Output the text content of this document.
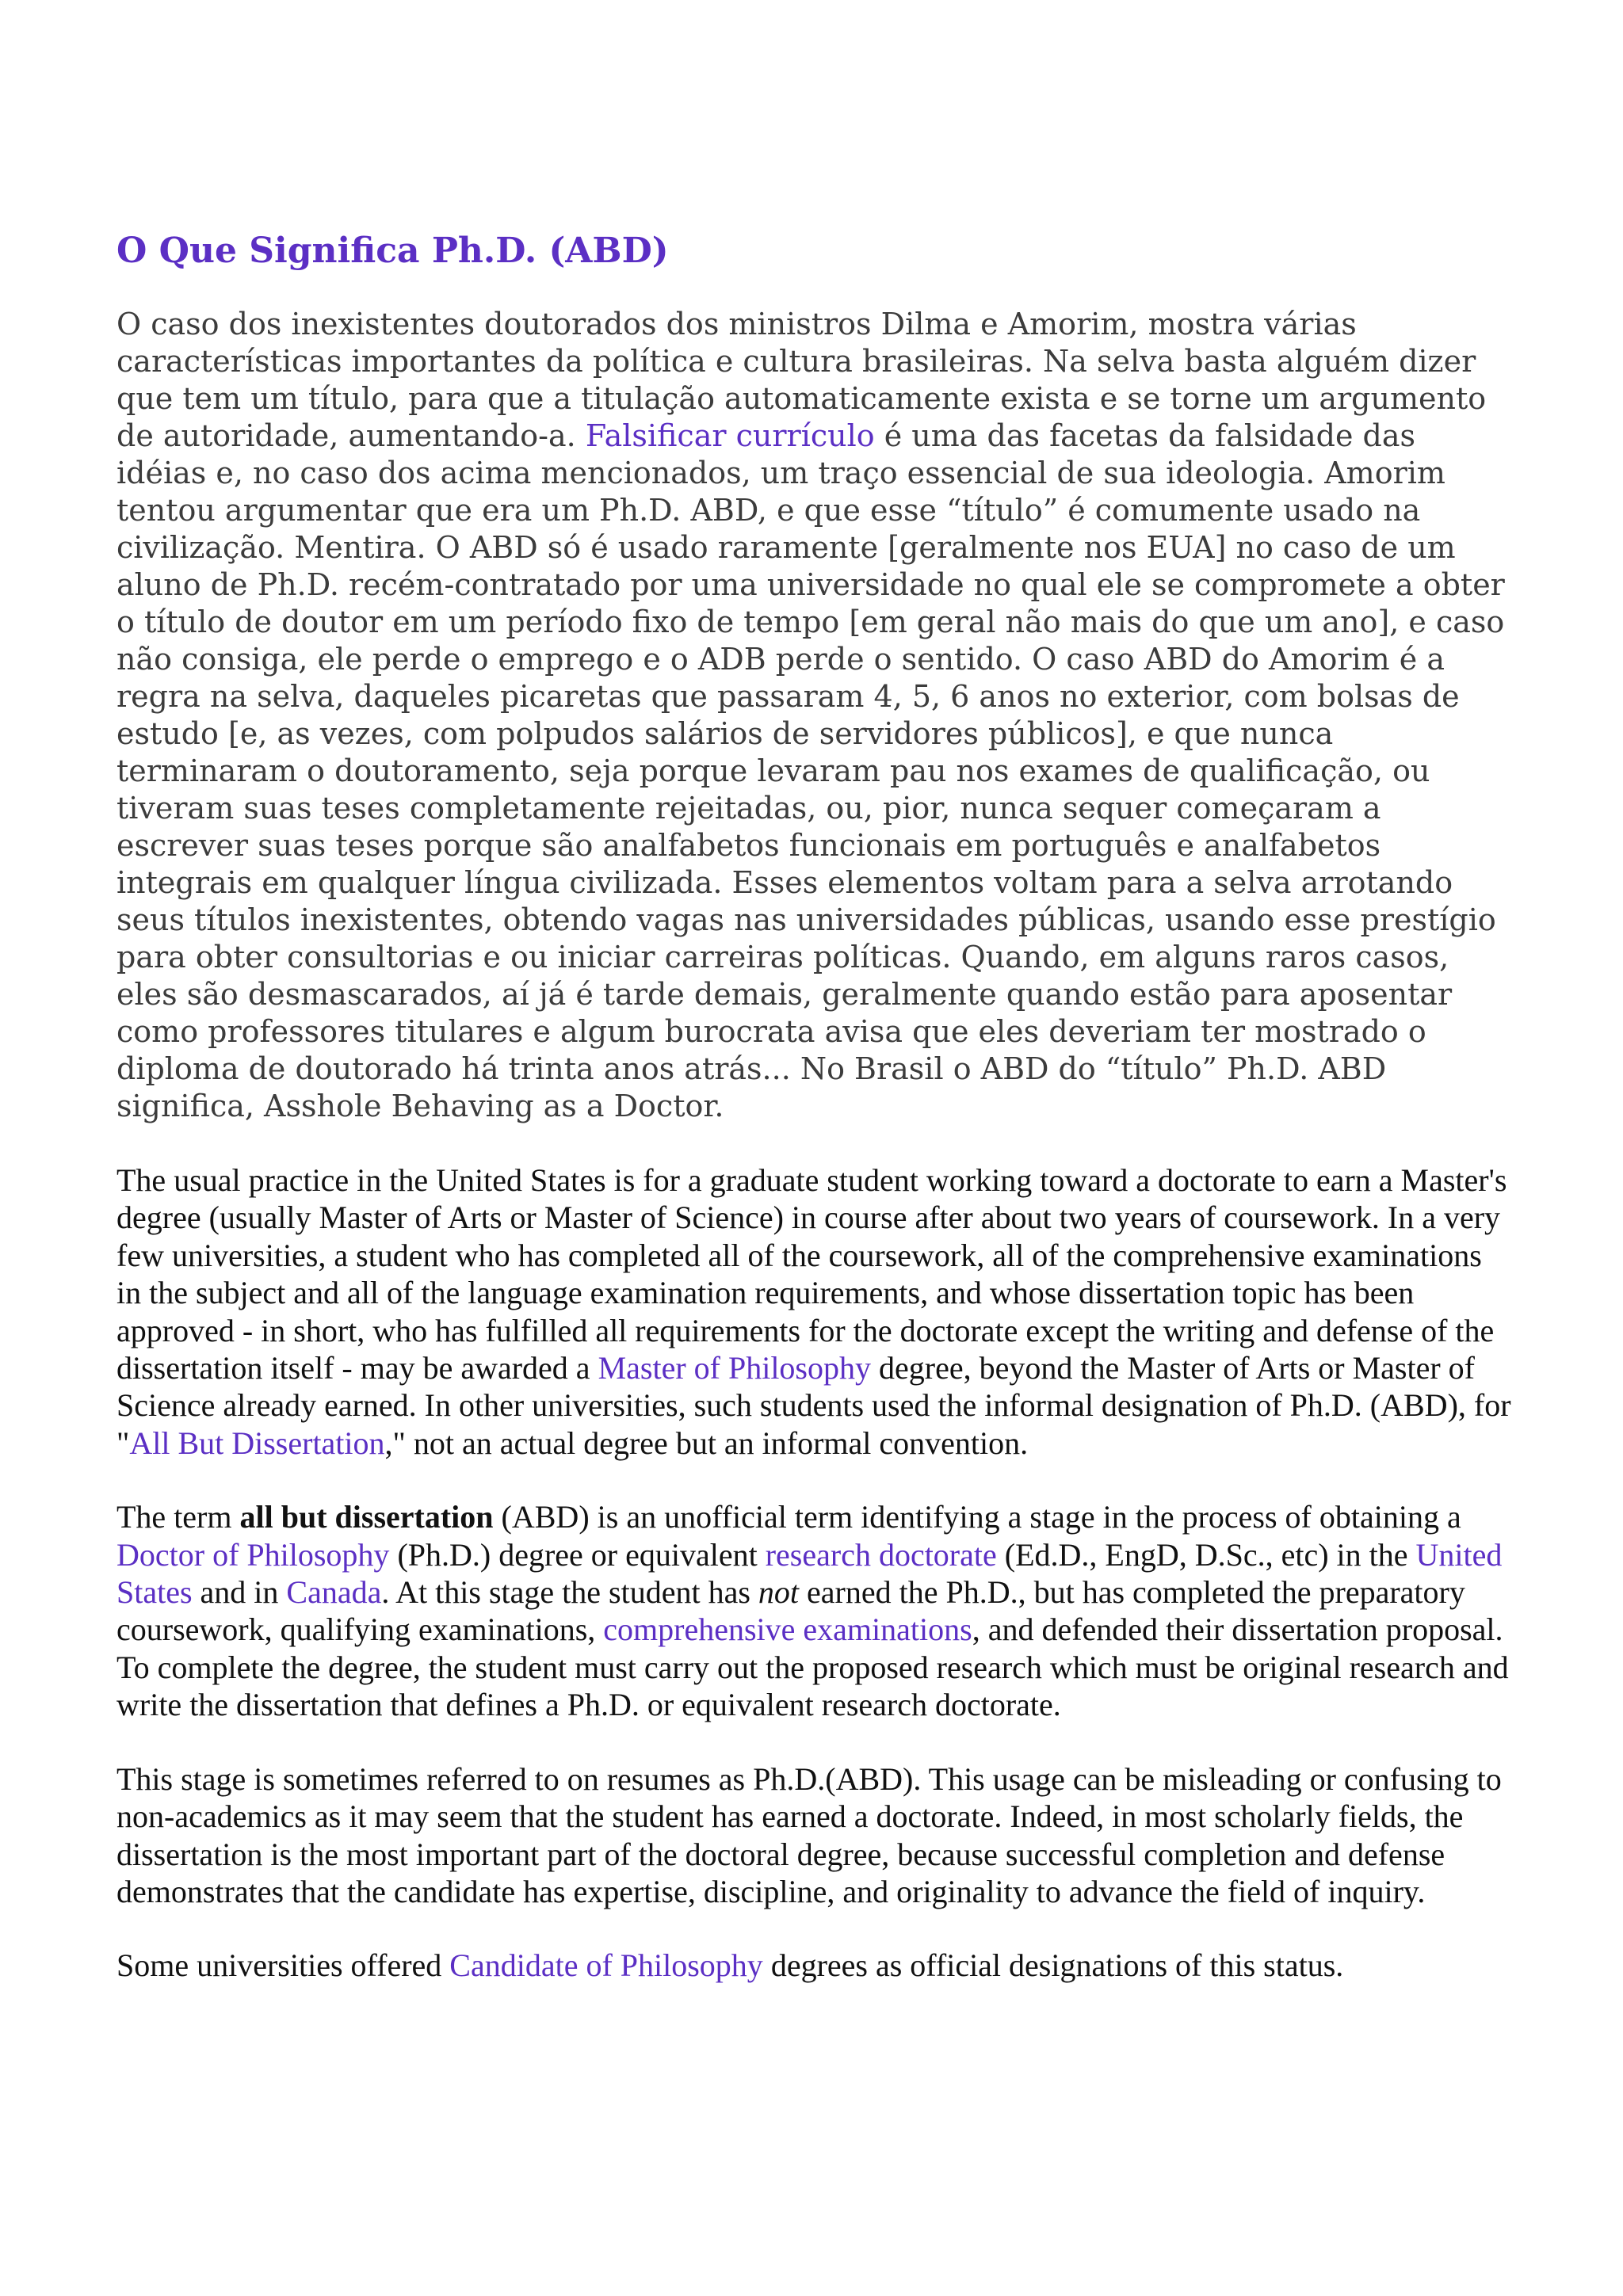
O Que Significa Ph.D. (ABD)

O caso dos inexistentes doutorados dos ministros Dilma e Amorim, mostra várias características importantes da política e cultura brasileiras. Na selva basta alguém dizer que tem um título, para que a titulação automaticamente exista e se torne um argumento de autoridade, aumentando-a. Falsificar currículo é uma das facetas da falsidade das idéias e, no caso dos acima mencionados, um traço essencial de sua ideologia. Amorim tentou argumentar que era um Ph.D. ABD, e que esse “título” é comumente usado na civilização. Mentira. O ABD só é usado raramente [geralmente nos EUA] no caso de um aluno de Ph.D. recém-contratado por uma universidade no qual ele se compromete a obter o título de doutor em um período fixo de tempo [em geral não mais do que um ano], e caso não consiga, ele perde o emprego e o ADB perde o sentido. O caso ABD do Amorim é a regra na selva, daqueles picaretas que passaram 4, 5, 6 anos no exterior, com bolsas de estudo [e, as vezes, com polpudos salários de servidores públicos], e que nunca terminaram o doutoramento, seja porque levaram pau nos exames de qualificação, ou tiveram suas teses completamente rejeitadas, ou, pior, nunca sequer começaram a escrever suas teses porque são analfabetos funcionais em português e analfabetos integrais em qualquer língua civilizada. Esses elementos voltam para a selva arrotando seus títulos inexistentes, obtendo vagas nas universidades públicas, usando esse prestígio para obter consultorias e ou iniciar carreiras políticas. Quando, em alguns raros casos, eles são desmascarados, aí já é tarde demais, geralmente quando estão para aposentar como professores titulares e algum burocrata avisa que eles deveriam ter mostrado o diploma de doutorado há trinta anos atrás... No Brasil o ABD do “título” Ph.D. ABD significa, Asshole Behaving as a Doctor.

The usual practice in the United States is for a graduate student working toward a doctorate to earn a Master's degree (usually Master of Arts or Master of Science) in course after about two years of coursework. In a very few universities, a student who has completed all of the coursework, all of the comprehensive examinations in the subject and all of the language examination requirements, and whose dissertation topic has been approved - in short, who has fulfilled all requirements for the doctorate except the writing and defense of the dissertation itself - may be awarded a Master of Philosophy degree, beyond the Master of Arts or Master of Science already earned. In other universities, such students used the informal designation of Ph.D. (ABD), for "All But Dissertation," not an actual degree but an informal convention.

The term all but dissertation (ABD) is an unofficial term identifying a stage in the process of obtaining a Doctor of Philosophy (Ph.D.) degree or equivalent research doctorate (Ed.D., EngD, D.Sc., etc) in the United States and in Canada. At this stage the student has not earned the Ph.D., but has completed the preparatory coursework, qualifying examinations, comprehensive examinations, and defended their dissertation proposal. To complete the degree, the student must carry out the proposed research which must be original research and write the dissertation that defines a Ph.D. or equivalent research doctorate.

This stage is sometimes referred to on resumes as Ph.D.(ABD). This usage can be misleading or confusing to non-academics as it may seem that the student has earned a doctorate. Indeed, in most scholarly fields, the dissertation is the most important part of the doctoral degree, because successful completion and defense demonstrates that the candidate has expertise, discipline, and originality to advance the field of inquiry.

Some universities offered Candidate of Philosophy degrees as official designations of this status.
